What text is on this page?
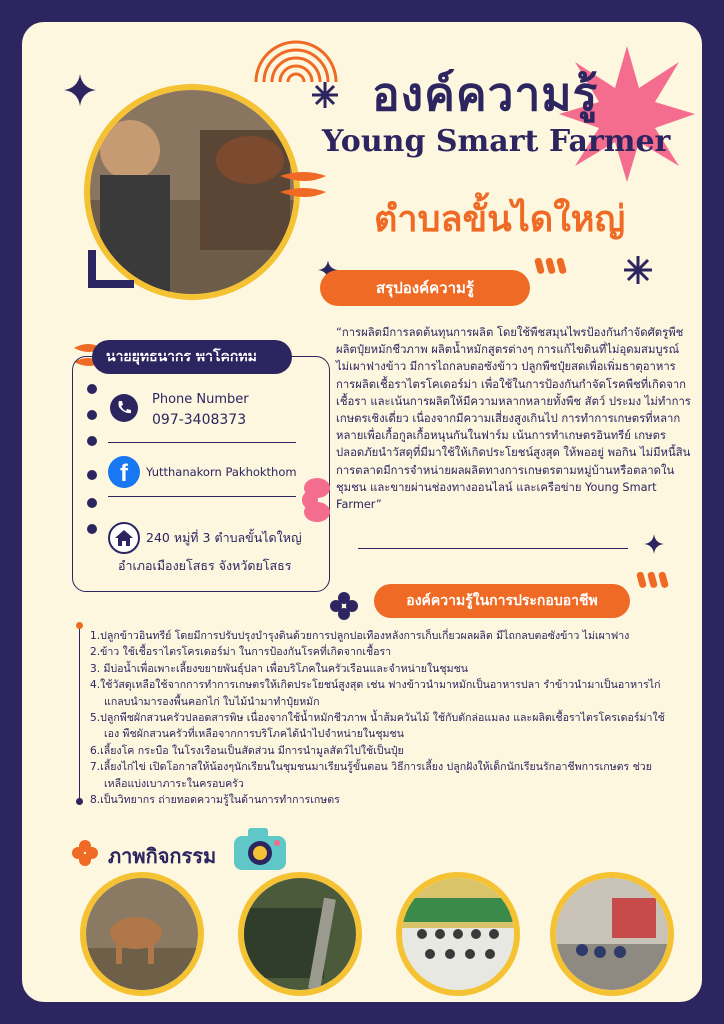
องค์ความรู้
Young Smart Farmer
ตำบลขั้นไดใหญ่
สรุปองค์ความรู้
“การผลิตมีการลดต้นทุนการผลิต โดยใช้พืชสมุนไพรป้องกันกำจัดศัตรูพืช ผลิตปุ๋ยหมักชีวภาพ ผลิตน้ำหมักสูตรต่างๆ การแก้ไขดินที่ไม่อุดมสมบูรณ์ ไม่เผาฟางข้าว มีการไถกลบตอซังข้าว ปลูกพืชปุ๋ยสดเพื่อเพิ่มธาตุอาหาร การผลิตเชื้อราไตรโคเดอร์ม่า เพื่อใช้ในการป้องกันกำจัดโรคพืชที่เกิดจากเชื้อรา และเน้นการผลิตให้มีความหลากหลายทั้งพืช สัตว์ ประมง ไม่ทำการเกษตรเชิงเดี่ยว เนื่องจากมีความเสี่ยงสูงเกินไป การทำการเกษตรที่หลากหลายเพื่อเกื้อกูลเกื้อหนุนกันในฟาร์ม เน้นการทำเกษตรอินทรีย์ เกษตรปลอดภัยนำวัสดุที่มีมาใช้ให้เกิดประโยชน์สูงสุด ให้พออยู่ พอกิน ไม่มีหนี้สิน การตลาดมีการจำหน่ายผลผลิตทางการเกษตรตามหมู่บ้านหรือตลาดในชุมชน และขายผ่านช่องทางออนไลน์ และเครือข่าย Young Smart Farmer”
นายยุทธนากร พาโคกทม
Phone Number
097-3408373
f	Yutthanakorn Pakhokthom
240 หมู่ที่ 3 ตำบลขั้นไดใหญ่
อำเภอเมืองยโสธร จังหวัดยโสธร
องค์ความรู้ในการประกอบอาชีพ

1.ปลูกข้าวอินทรีย์ โดยมีการปรับปรุงบำรุงดินด้วยการปลูกปอเทืองหลังการเก็บเกี่ยวผลผลิต มีไถกลบตอซังข้าว ไม่เผาฟาง

2.ข้าว ใช้เชื้อราไตรโครเดอร์ม่า ในการป้องกันโรคที่เกิดจากเชื้อรา

3. มีบ่อน้ำเพื่อเพาะเลี้ยงขยายพันธุ์ปลา เพื่อบริโภคในครัวเรือนและจำหน่ายในชุมชน

4.ใช้วัสดุเหลือใช้จากการทำการเกษตรให้เกิดประโยชน์สูงสุด เช่น ฟางข้าวนำมาหมักเป็นอาหารปลา รำข้าวนำมาเป็นอาหารไก่

แกลบนำมารองพื้นคอกไก่ ใบไม้นำมาทำปุ๋ยหมัก

5.ปลูกพืชผักสวนครัวปลอดสารพิษ เนื่องจากใช้น้ำหมักชีวภาพ น้ำส้มควันไม้ ใช้กับดักล่อแมลง และผลิตเชื้อราไตรโครเดอร์ม่าใช้

เอง พืชผักสวนครัวที่เหลือจากการบริโภคได้นำไปจำหน่ายในชุมชน

6.เลี้ยงโค กระบือ ในโรงเรือนเป็นสัดส่วน มีการนำมูลสัตว์ไปใช้เป็นปุ๋ย

7.เลี้ยงไก่ไข่ เปิดโอกาสให้น้องๆนักเรียนในชุมชนมาเรียนรู้ขั้นตอน วิธีการเลี้ยง ปลูกฝังให้เด็กนักเรียนรักอาชีพการเกษตร ช่วย

เหลือแบ่งเบาภาระในครอบครัว

8.เป็นวิทยากร ถ่ายทอดความรู้ในด้านการทำการเกษตร

ภาพกิจกรรม
